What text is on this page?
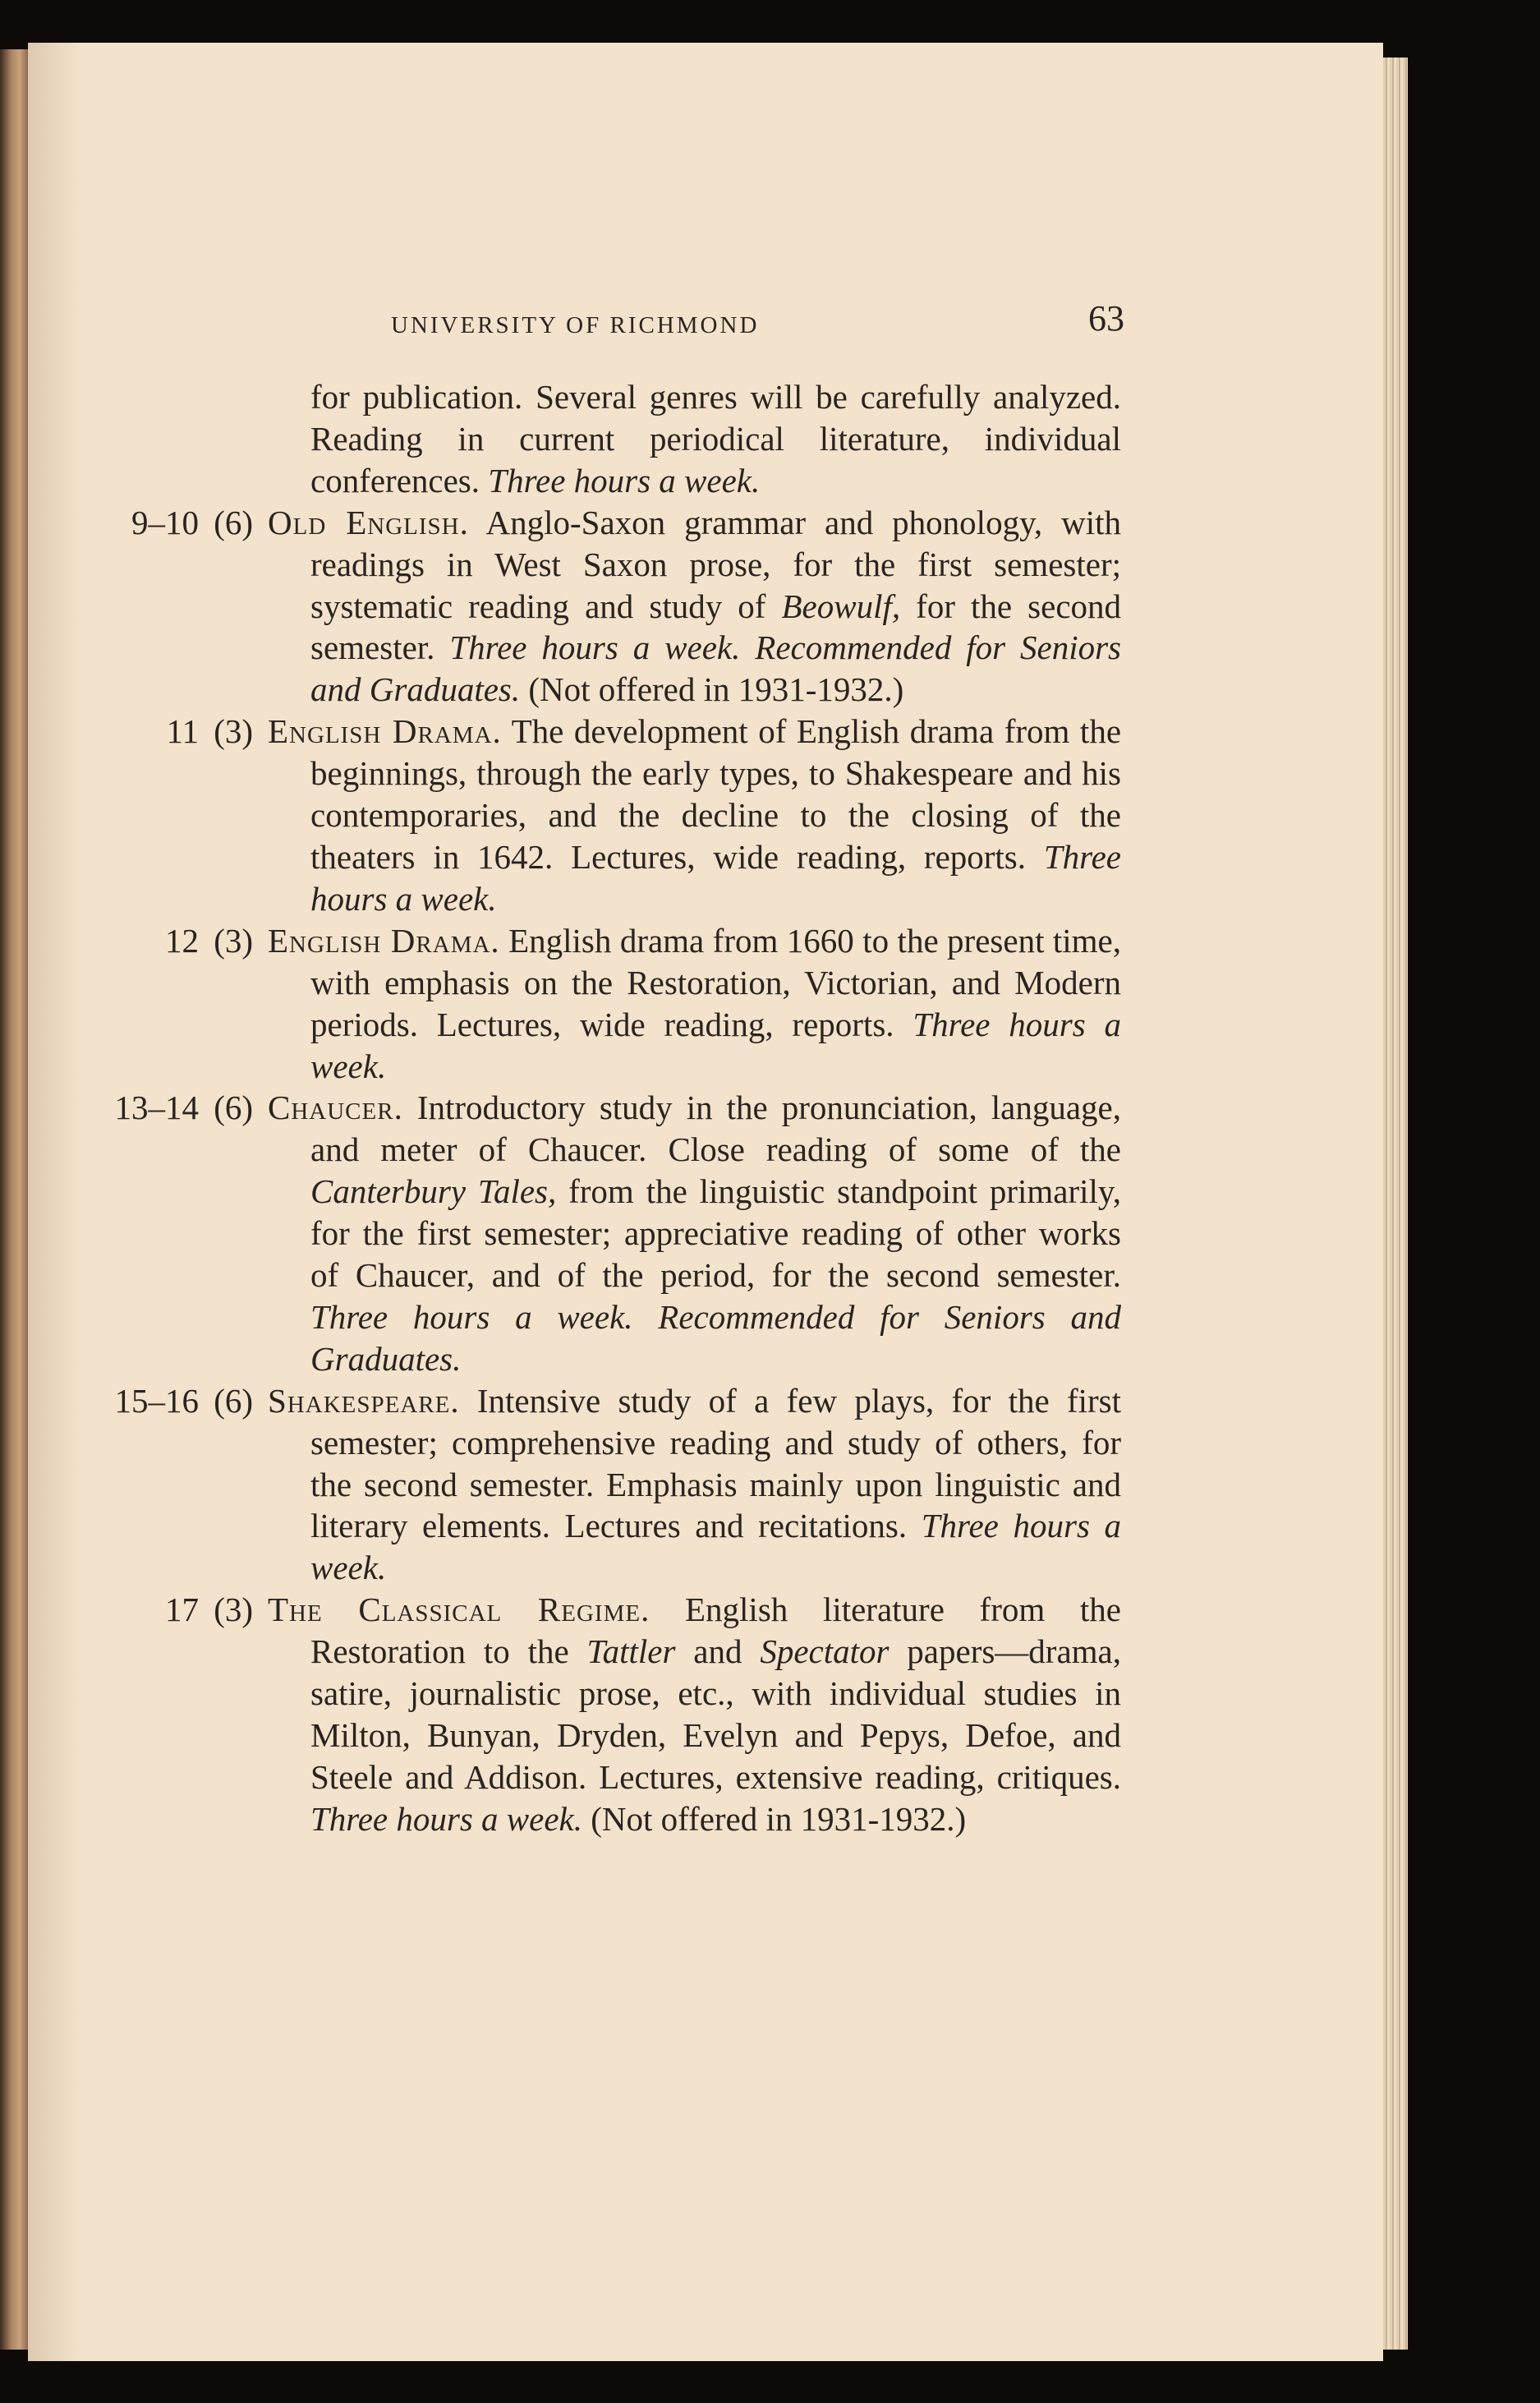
UNIVERSITY OF RICHMOND	63

for publication. Several genres will be carefully analyzed. Reading in current periodical literature, individual conferences. Three hours a week.

9–10 (6) Old English. Anglo-Saxon grammar and phonology, with readings in West Saxon prose, for the first semester; systematic reading and study of Beowulf, for the second semester. Three hours a week. Recommended for Seniors and Graduates. (Not offered in 1931-1932.)

11 (3) English Drama. The development of English drama from the beginnings, through the early types, to Shakespeare and his contemporaries, and the decline to the closing of the theaters in 1642. Lectures, wide reading, reports. Three hours a week.

12 (3) English Drama. English drama from 1660 to the present time, with emphasis on the Restoration, Victorian, and Modern periods. Lectures, wide reading, reports. Three hours a week.

13–14 (6) Chaucer. Introductory study in the pronunciation, language, and meter of Chaucer. Close reading of some of the Canterbury Tales, from the linguistic standpoint primarily, for the first semester; appreciative reading of other works of Chaucer, and of the period, for the second semester. Three hours a week. Recommended for Seniors and Graduates.

15–16 (6) Shakespeare. Intensive study of a few plays, for the first semester; comprehensive reading and study of others, for the second semester. Emphasis mainly upon linguistic and literary elements. Lectures and recitations. Three hours a week.

17 (3) The Classical Regime. English literature from the Restoration to the Tattler and Spectator papers—drama, satire, journalistic prose, etc., with individual studies in Milton, Bunyan, Dryden, Evelyn and Pepys, Defoe, and Steele and Addison. Lectures, extensive reading, critiques. Three hours a week. (Not offered in 1931-1932.)
